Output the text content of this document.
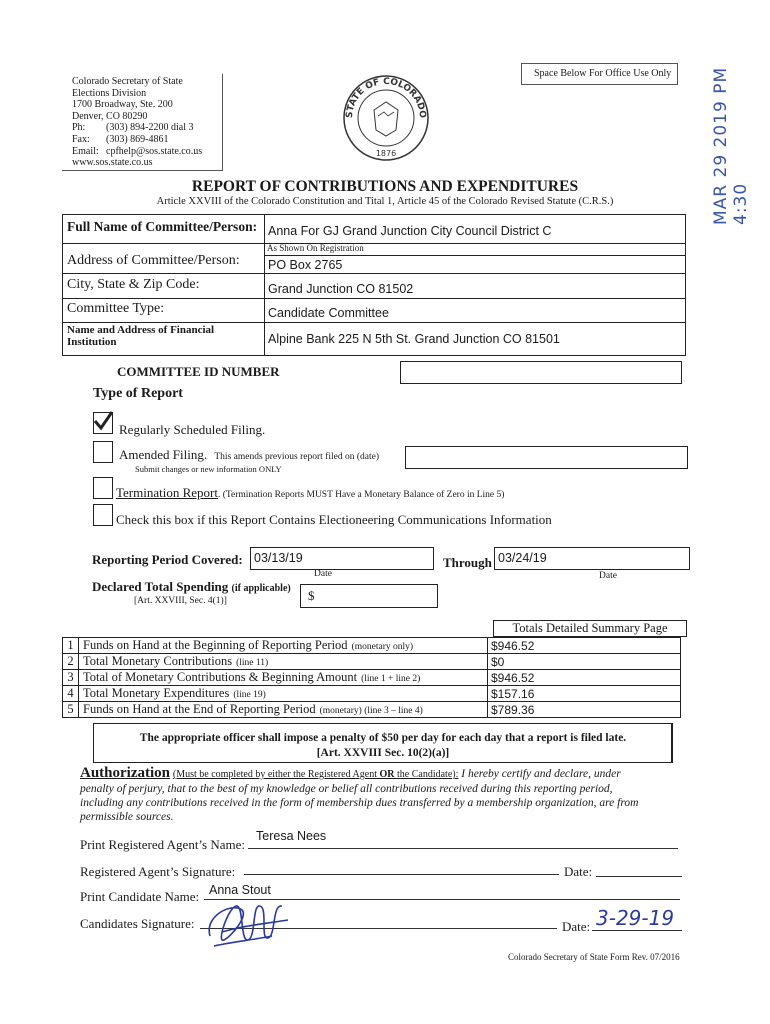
Space Below For Office Use Only
Colorado Secretary of State
Elections Division
1700 Broadway, Ste. 200
Denver, CO 80290
Ph: (303) 894-2200 dial 3
Fax: (303) 869-4861
Email: cpfhelp@sos.state.co.us
www.sos.state.co.us
STATE OF COLORADO
1876	MAR 29 2019 PM 4:30
REPORT OF CONTRIBUTIONS AND EXPENDITURES
Article XXVIII of the Colorado Constitution and Tital 1, Article 45 of the Colorado Revised Statute (C.R.S.)
Full Name of Committee/Person: Anna For GJ Grand Junction City Council District C
As Shown On Registration
Address of Committee/Person: PO Box 2765
City, State & Zip Code:	Grand Junction CO 81502
Committee Type:	Candidate Committee
Name and Address of Financial
Institution	Alpine Bank 225 N 5th St. Grand Junction CO 81501
COMMITTEE ID NUMBER
Type of Report
Regularly Scheduled Filing.
Amended Filing. This amends previous report filed on (date)
Submit changes or new information ONLY
Termination Report. (Termination Reports MUST Have a Monetary Balance of Zero in Line 5)
Check this box if this Report Contains Electioneering Communications Information
Reporting Period Covered: 03/13/19
Date
Through 03/24/19
Date
Declared Total Spending (if applicable)
[Art. XXVIII, Sec. 4(1)]	$
		Totals Detailed Summary Page
1	Funds on Hand at the Beginning of Reporting Period (monetary only)	$946.52
2	Total Monetary Contributions (line 11)	$0
3	Total of Monetary Contributions & Beginning Amount (line 1 + line 2)	$946.52
4	Total Monetary Expenditures (line 19)	$157.16
5	Funds on Hand at the End of Reporting Period (monetary) (line 3 – line 4)	$789.36
The appropriate officer shall impose a penalty of $50 per day for each day that a report is filed late.
[Art. XXVIII Sec. 10(2)(a)]
Authorization (Must be completed by either the Registered Agent OR the Candidate): I hereby certify and declare, under
penalty of perjury, that to the best of my knowledge or belief all contributions received during this reporting period,
including any contributions received in the form of membership dues transferred by a membership organization, are from
permissible sources.
Print Registered Agent’s Name:
Teresa Nees
Registered Agent’s Signature:	Date:
Print Candidate Name: Anna Stout
Candidates Signature:	Date: 3-29-19
Colorado Secretary of State Form Rev. 07/2016
